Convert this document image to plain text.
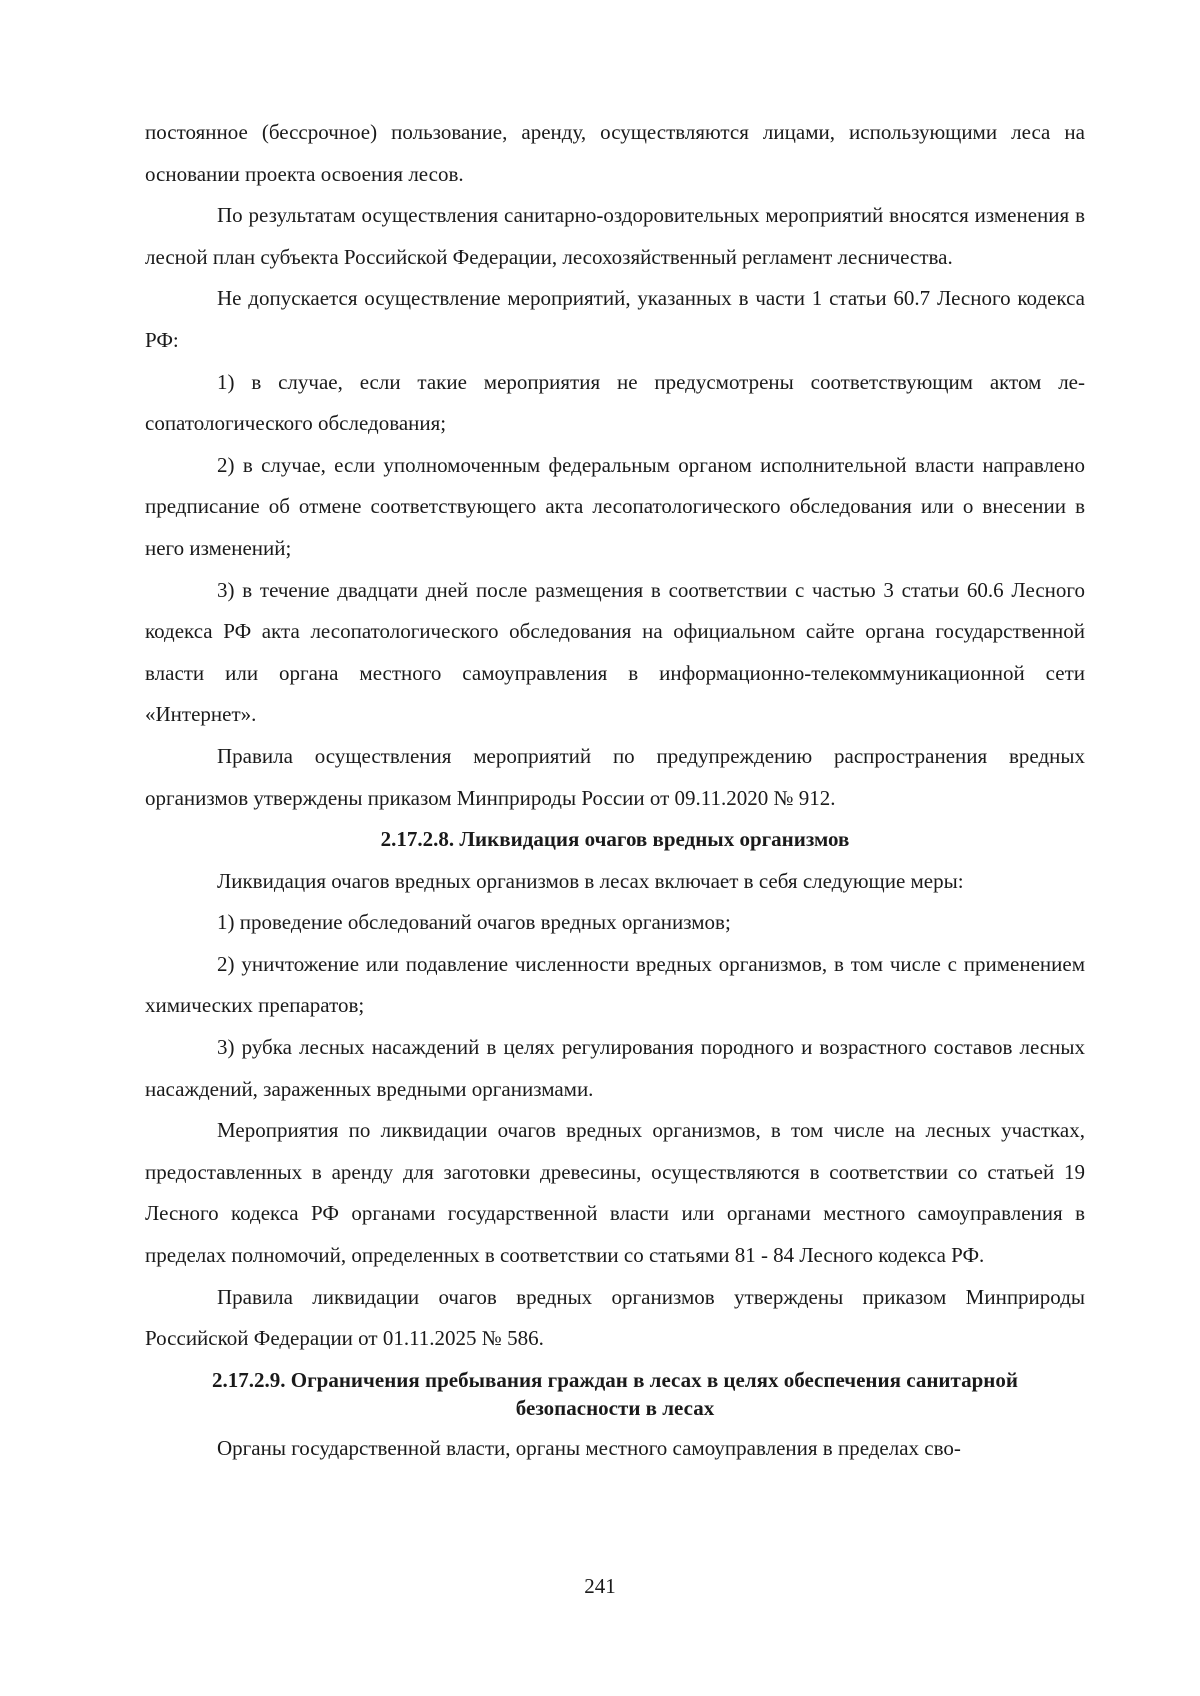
постоянное (бессрочное) пользование, аренду, осуществляются лицами, использующими леса на основании проекта освоения лесов.

По результатам осуществления санитарно-оздоровительных мероприятий вносятся изменения в лесной план субъекта Российской Федерации, лесохозяйственный регламент лесничества.

Не допускается осуществление мероприятий, указанных в части 1 статьи 60.7 Лесного кодекса РФ:

1) в случае, если такие мероприятия не предусмотрены соответствующим актом лесопатологического обследования;

2) в случае, если уполномоченным федеральным органом исполнительной власти направлено предписание об отмене соответствующего акта лесопатологического обследования или о внесении в него изменений;

3) в течение двадцати дней после размещения в соответствии с частью 3 статьи 60.6 Лесного кодекса РФ акта лесопатологического обследования на официальном сайте органа государственной власти или органа местного самоуправления в информационно-телекоммуникационной сети «Интернет».

Правила осуществления мероприятий по предупреждению распространения вредных организмов утверждены приказом Минприроды России от 09.11.2020 № 912.

2.17.2.8. Ликвидация очагов вредных организмов

Ликвидация очагов вредных организмов в лесах включает в себя следующие меры:

1) проведение обследований очагов вредных организмов;

2) уничтожение или подавление численности вредных организмов, в том числе с применением химических препаратов;

3) рубка лесных насаждений в целях регулирования породного и возрастного составов лесных насаждений, зараженных вредными организмами.

Мероприятия по ликвидации очагов вредных организмов, в том числе на лесных участках, предоставленных в аренду для заготовки древесины, осуществляются в соответствии со статьей 19 Лесного кодекса РФ органами государственной власти или органами местного самоуправления в пределах полномочий, определенных в соответствии со статьями 81 - 84 Лесного кодекса РФ.

Правила ликвидации очагов вредных организмов утверждены приказом Минприроды Российской Федерации от 01.11.2025 № 586.

2.17.2.9. Ограничения пребывания граждан в лесах в целях обеспечения санитарной
безопасности в лесах

Органы государственной власти, органы местного самоуправления в пределах сво-

241
